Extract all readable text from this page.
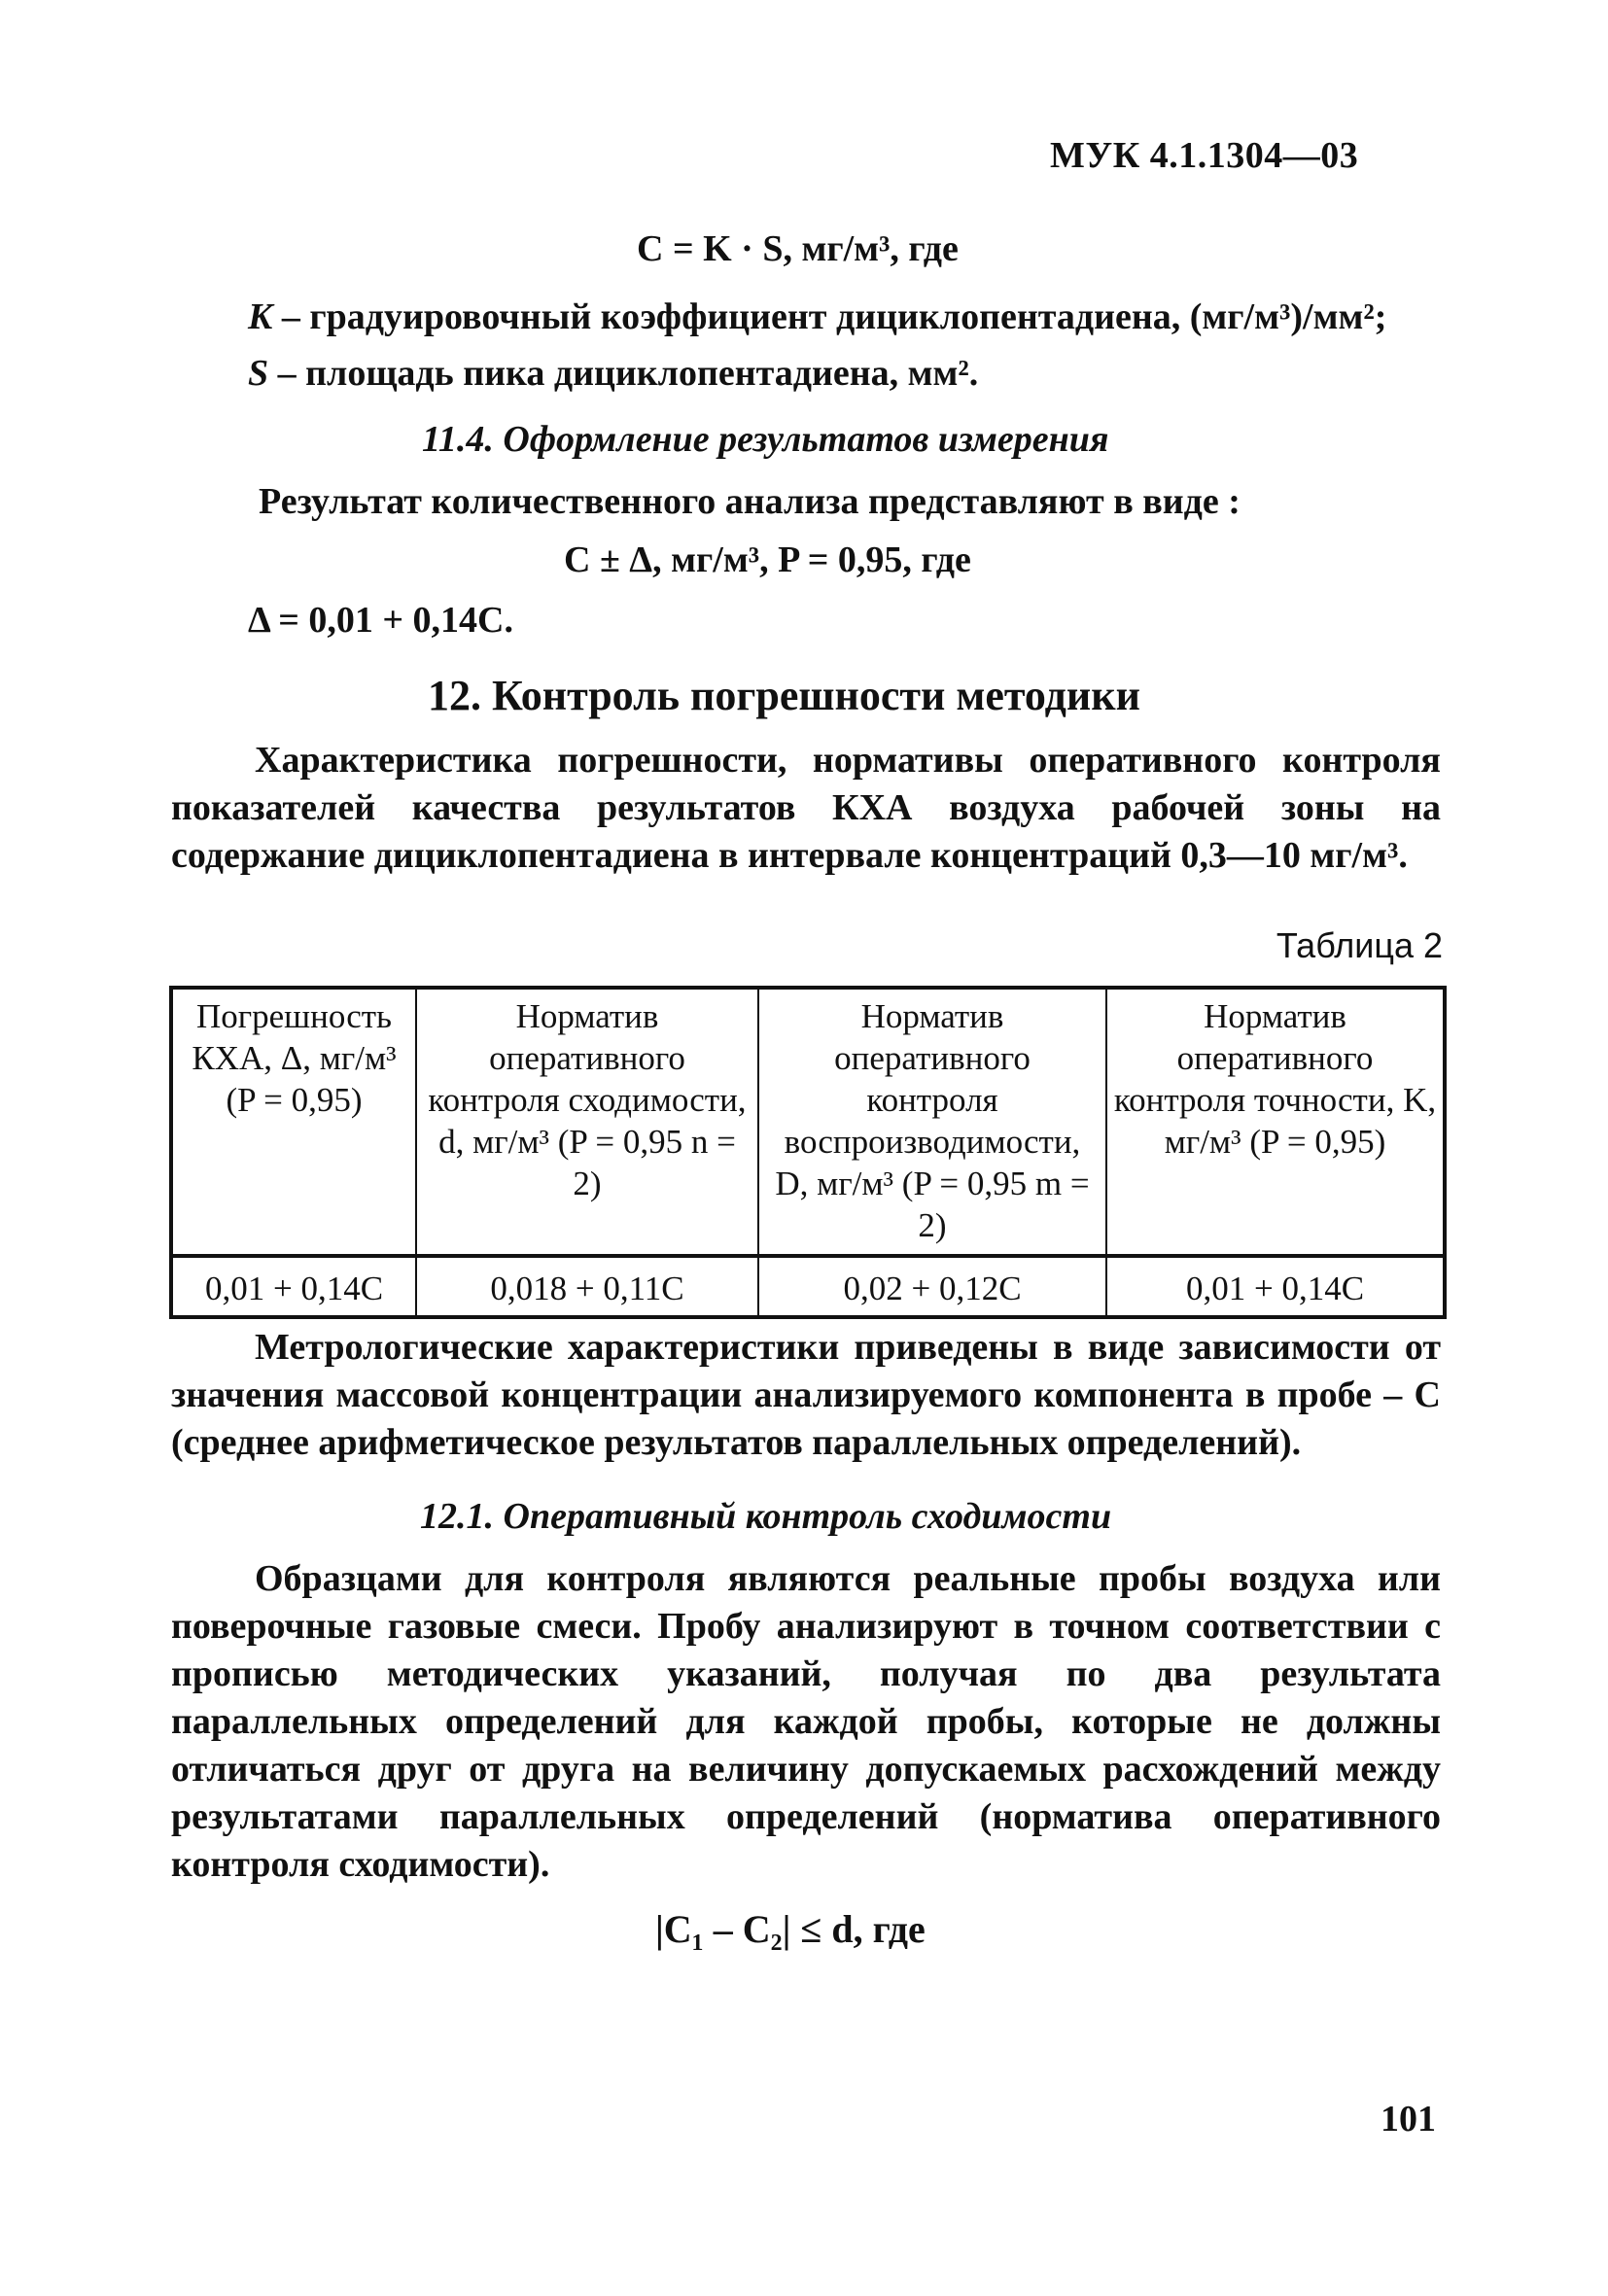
МУК 4.1.1304—03
C = K · S, мг/м³, где
K – градуировочный коэффициент дициклопентадиена, (мг/м³)/мм²;
S – площадь пика дициклопентадиена, мм².
11.4. Оформление результатов измерения
Результат количественного анализа представляют в виде :
C ± Δ, мг/м³, P = 0,95, где
Δ = 0,01 + 0,14C.
12. Контроль погрешности методики
Характеристика погрешности, нормативы оперативного контроля показателей качества результатов КХА воздуха рабочей зоны на содержание дициклопентадиена в интервале концентраций 0,3—10 мг/м³.
Таблица 2
Погрешность КХА, Δ, мг/м³ (P = 0,95)	Норматив оперативного контроля сходимости, d, мг/м³ (P = 0,95 n = 2)	Норматив оперативного контроля воспроизводимости, D, мг/м³ (P = 0,95 m = 2)	Норматив оперативного контроля точности, K, мг/м³ (P = 0,95)
0,01 + 0,14C	0,018 + 0,11C	0,02 + 0,12C	0,01 + 0,14C
Метрологические характеристики приведены в виде зависимости от значения массовой концентрации анализируемого компонента в пробе – C (среднее арифметическое результатов параллельных определений).
12.1. Оперативный контроль сходимости
Образцами для контроля являются реальные пробы воздуха или поверочные газовые смеси. Пробу анализируют в точном соответствии с прописью методических указаний, получая по два результата параллельных определений для каждой пробы, которые не должны отличаться друг от друга на величину допускаемых расхождений между результатами параллельных определений (норматива оперативного контроля сходимости).
|C₁ – C₂| ≤ d, где
101
